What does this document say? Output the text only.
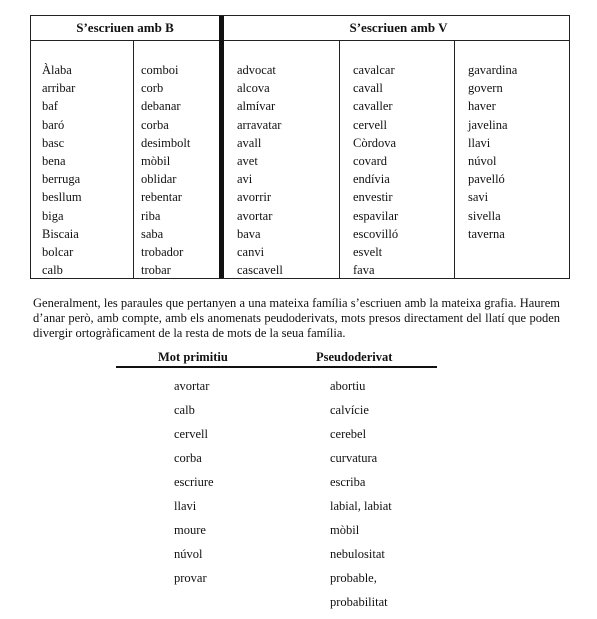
S’escriuen amb B	S’escriuen amb V
Àlaba
arribar
baf
baró
basc
bena
berruga
besllum
biga
Biscaia
bolcar
calb
comboi
corb
debanar
corba
desimbolt
mòbil
oblidar
rebentar
riba
saba
trobador
trobar
advocat
alcova
almívar
arravatar
avall
avet
avi
avorrir
avortar
bava
canvi
cascavell
cavalcar
cavall
cavaller
cervell
Còrdova
covard
endívia
envestir
espavilar
escovilló
esvelt
fava
gavardina
govern
haver
javelina
llavi
núvol
pavelló
savi
sivella
taverna
Generalment, les paraules que pertanyen a una mateixa família s’escriuen amb la mateixa grafia. Haurem d’anar però, amb compte, amb els anomenats peudoderivats, mots presos directament del llatí que poden divergir ortogràficament de la resta de mots de la seua família.
Mot primitiu	Pseudoderivat
avortar
calb
cervell
corba
escriure
llavi
moure
núvol
provar
abortiu
calvície
cerebel
curvatura
escriba
labial, labiat
mòbil
nebulositat
probable,
probabilitat
